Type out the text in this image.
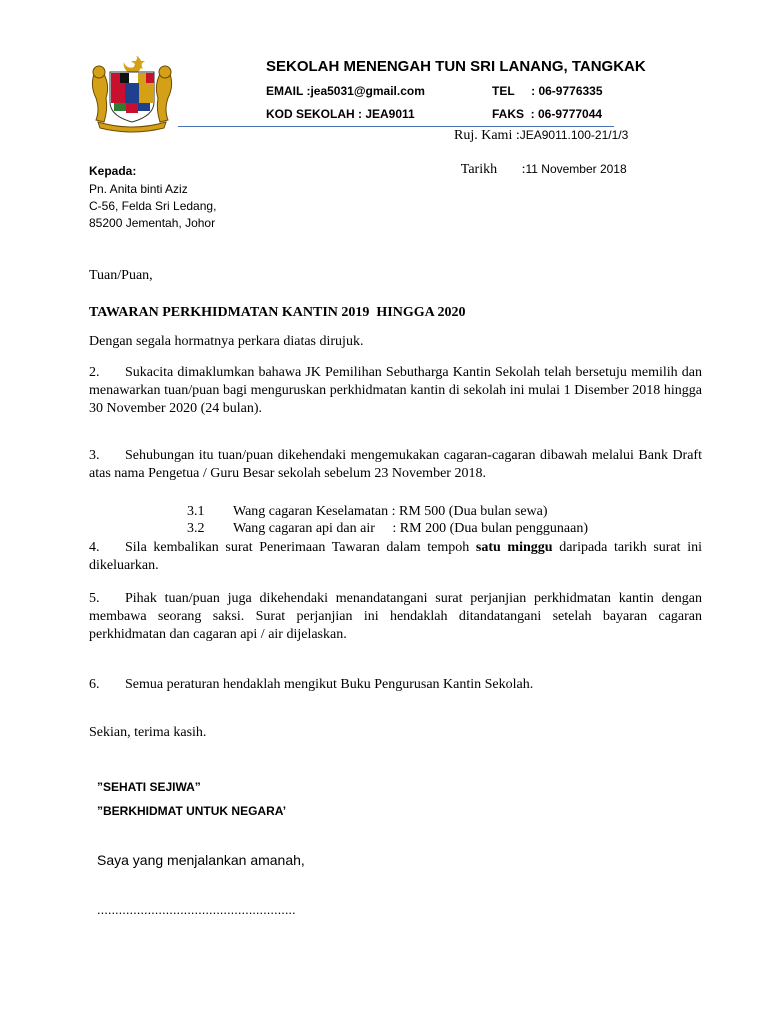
SEKOLAH MENENGAH TUN SRI LANANG, TANGKAK
EMAIL :jea5031@gmail.com	TEL     : 06-9776335
KOD SEKOLAH : JEA9011	FAKS  : 06-9777044
Ruj. Kami :JEA9011.100-21/1/3

Tarikh       :11 November 2018

Kepada:
Pn. Anita binti Aziz
C-56, Felda Sri Ledang,
85200 Jementah, Johor
Tuan/Puan,
TAWARAN PERKHIDMATAN KANTIN 2019  HINGGA 2020
Dengan segala hormatnya perkara diatas dirujuk.
2. Sukacita dimaklumkan bahawa JK Pemilihan Sebutharga Kantin Sekolah telah bersetuju memilih dan menawarkan tuan/puan bagi menguruskan perkhidmatan kantin di sekolah ini mulai 1 Disember 2018 hingga 30 November 2020 (24 bulan).
3. Sehubungan itu tuan/puan dikehendaki mengemukakan cagaran-cagaran dibawah melalui Bank Draft atas nama Pengetua / Guru Besar sekolah sebelum 23 November 2018.

3.1 Wang cagaran Keselamatan : RM 500 (Dua bulan sewa)

3.2 Wang cagaran api dan air     : RM 200 (Dua bulan penggunaan)

4. Sila kembalikan surat Penerimaan Tawaran dalam tempoh satu minggu daripada tarikh surat ini dikeluarkan.
5. Pihak tuan/puan juga dikehendaki menandatangani surat perjanjian perkhidmatan kantin dengan membawa seorang saksi. Surat perjanjian ini hendaklah ditandatangani setelah bayaran cagaran perkhidmatan dan cagaran api / air dijelaskan.
6. Semua peraturan hendaklah mengikut Buku Pengurusan Kantin Sekolah.
Sekian, terima kasih.
”SEHATI SEJIWA”
”BERKHIDMAT UNTUK NEGARA’
Saya yang menjalankan amanah,
.......................................................
